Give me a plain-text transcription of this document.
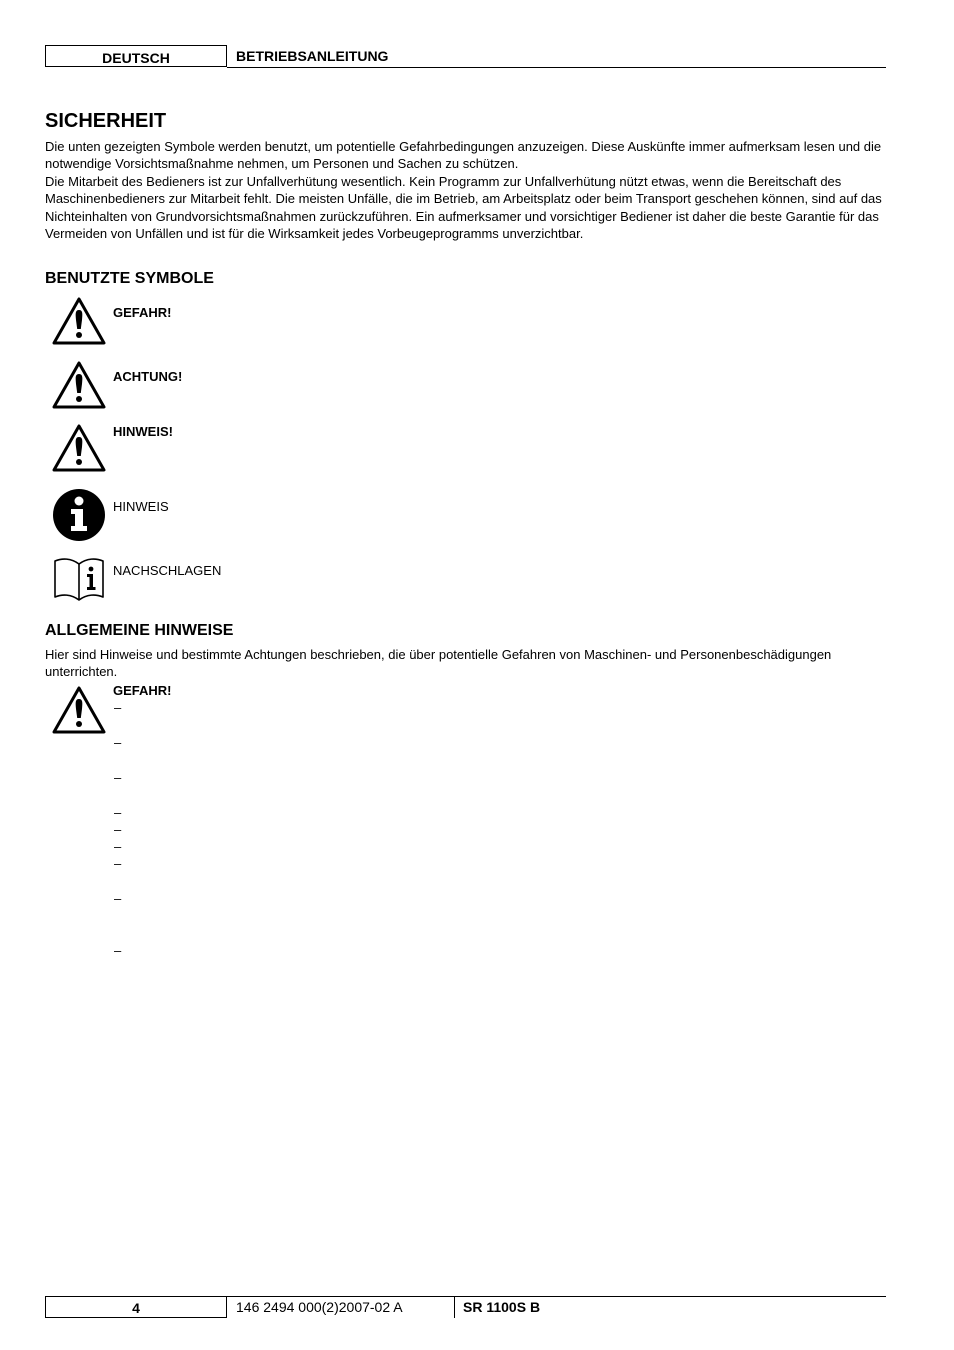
DEUTSCH	BETRIEBSANLEITUNG
SICHERHEIT

Die unten gezeigten Symbole werden benutzt, um potentielle Gefahrbedingungen anzuzeigen. Diese Auskünfte immer aufmerksam lesen und die notwendige Vorsichtsmaßnahme nehmen, um Personen und Sachen zu schützen.

Die Mitarbeit des Bedieners ist zur Unfallverhütung wesentlich. Kein Programm zur Unfallverhütung nützt etwas, wenn die Bereitschaft des Maschinenbedieners zur Mitarbeit fehlt. Die meisten Unfälle, die im Betrieb, am Arbeitsplatz oder beim Transport geschehen können, sind auf das Nichteinhalten von Grundvorsichtsmaßnahmen zurückzuführen. Ein aufmerksamer und vorsichtiger Bediener ist daher die beste Garantie für das Vermeiden von Unfällen und ist für die Wirksamkeit jedes Vorbeugeprogramms unverzichtbar.

BENUTZTE SYMBOLE
GEFAHR!
ACHTUNG!
HINWEIS!
HINWEIS
NACHSCHLAGEN
ALLGEMEINE HINWEISE

Hier sind Hinweise und bestimmte Achtungen beschrieben, die über potentielle Gefahren von Maschinen- und Personenbeschädigungen unterrichten.

GEFAHR!
–
–
–
–
–
–
–
–
–
4	146 2494 000(2)2007-02 A	SR 1100S B
